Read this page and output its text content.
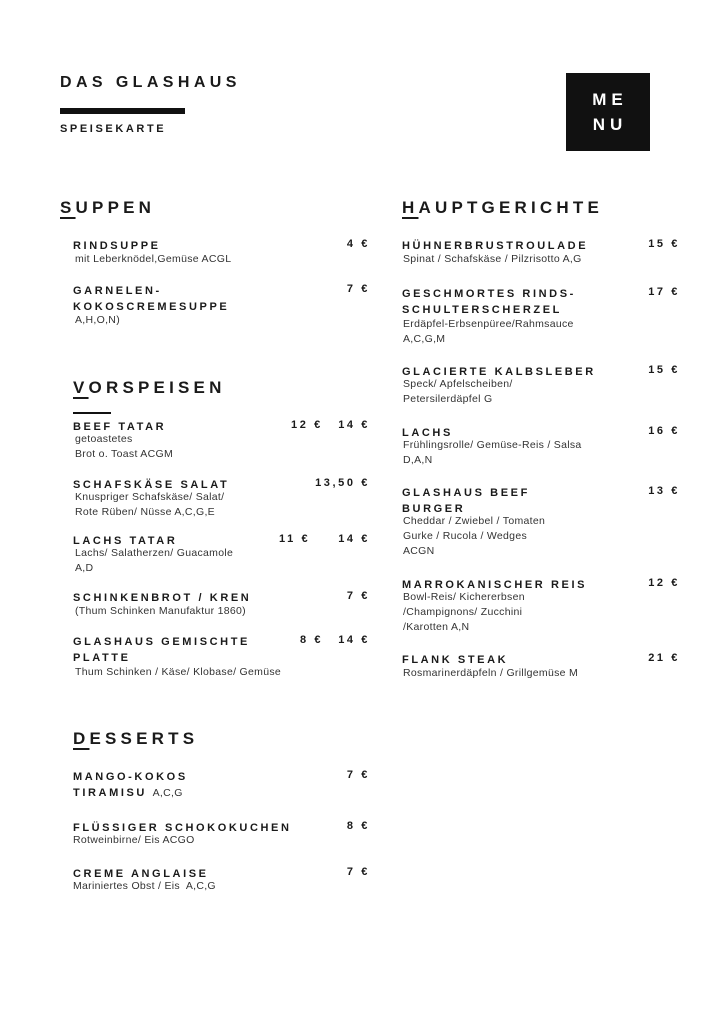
DAS GLASHAUS
SPEISEKARTE
ME
NU
SUPPEN
RINDSUPPE
mit Leberknödel,Gemüse ACGL
4 €
GARNELEN-KOKOSCREMESUPPE
A,H,O,N)
7 €
VORSPEISEN
BEEF TATAR
getoastetes
Brot o. Toast ACGM
12 € 14 €
SCHAFSKÄSE SALAT
Knuspriger Schafskäse/ Salat/
Rote Rüben/ Nüsse A,C,G,E
13,50 €
LACHS TATAR
Lachs/ Salatherzen/ Guacamole
A,D
11 €	14 €
SCHINKENBROT / KREN
(Thum Schinken Manufaktur 1860)
7 €
GLASHAUS GEMISCHTE PLATTE
Thum Schinken / Käse/ Klobase/ Gemüse
8 € 14 €
DESSERTS
MANGO-KOKOS
TIRAMISU A,C,G
7 €
FLÜSSIGER SCHOKOKUCHEN
Rotweinbirne/ Eis ACGO
8 €
CREME ANGLAISE
Mariniertes Obst / Eis  A,C,G
7 €
HAUPTGERICHTE
HÜHNERBRUSTROULADE
Spinat / Schafskäse / Pilzrisotto A,G
15 €
GESCHMORTES RINDS-SCHULTERSCHERZEL
Erdäpfel-Erbsenpüree/Rahmsauce
A,C,G,M
17 €
GLACIERTE KALBSLEBER
Speck/ Apfelscheiben/
Petersilerdäpfel G
15 €
LACHS
Frühlingsrolle/ Gemüse-Reis / Salsa
D,A,N
16 €
GLASHAUS BEEF BURGER
Cheddar / Zwiebel / Tomaten
Gurke / Rucola / Wedges
ACGN
13 €
MARROKANISCHER REIS
Bowl-Reis/ Kichererbsen
/Champignons/ Zucchini
/Karotten A,N
12 €
FLANK STEAK
Rosmarinerdäpfeln / Grillgemüse M
21 €
